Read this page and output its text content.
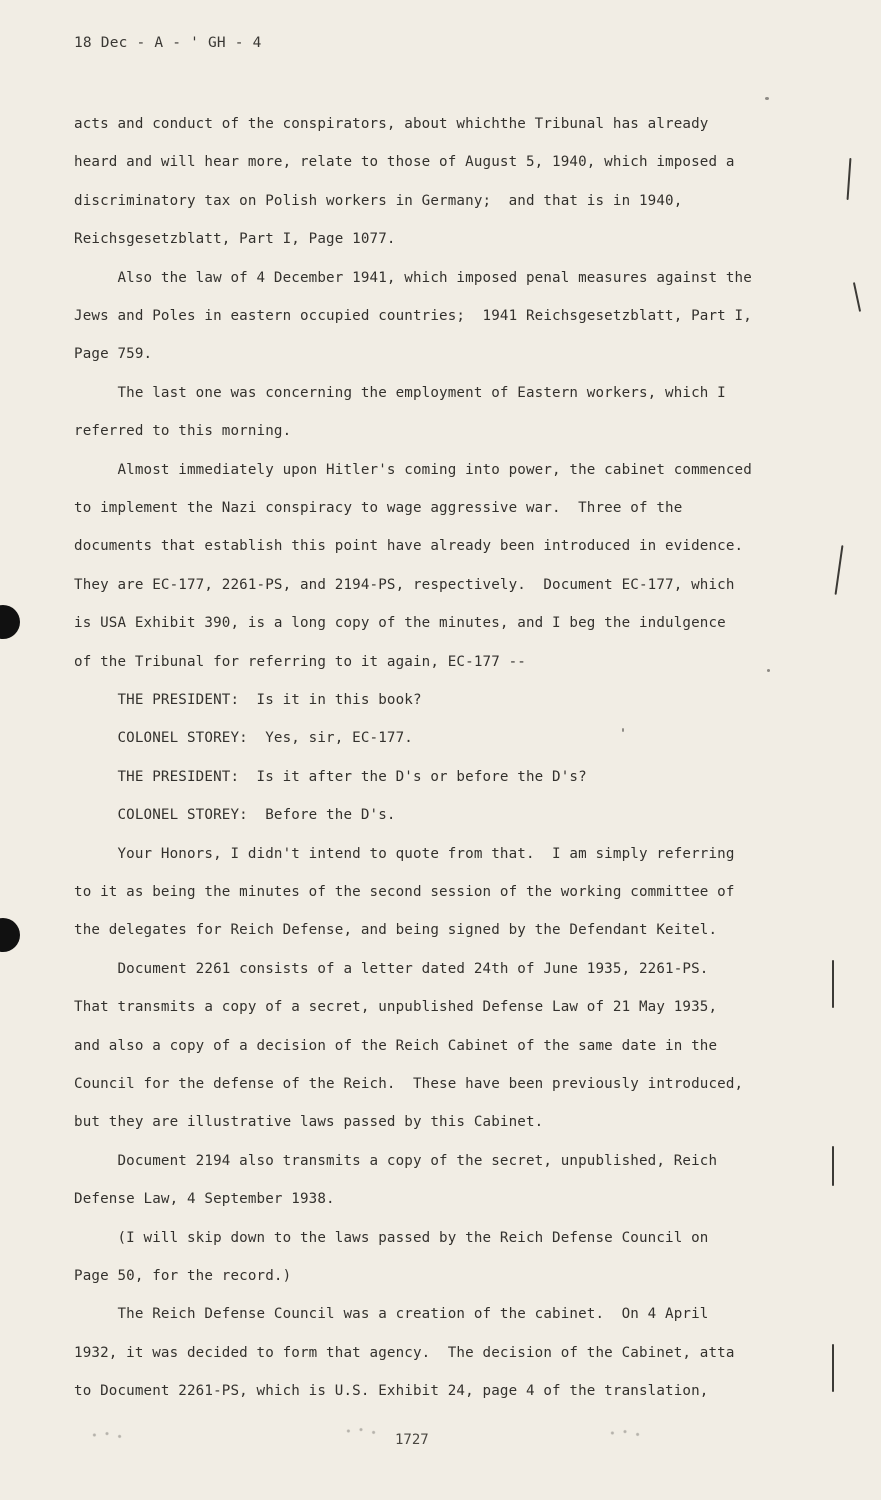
18 Dec - A - ' GH - 4
acts and conduct of the conspirators, about whichthe Tribunal has already
heard and will hear more, relate to those of August 5, 1940, which imposed a
discriminatory tax on Polish workers in Germany;  and that is in 1940,
Reichsgesetzblatt, Part I, Page 1077.
Also the law of 4 December 1941, which imposed penal measures against the
Jews and Poles in eastern occupied countries;  1941 Reichsgesetzblatt, Part I,
Page 759.
The last one was concerning the employment of Eastern workers, which I
referred to this morning.
Almost immediately upon Hitler's coming into power, the cabinet commenced
to implement the Nazi conspiracy to wage aggressive war.  Three of the
documents that establish this point have already been introduced in evidence.
They are EC-177, 2261-PS, and 2194-PS, respectively.  Document EC-177, which
is USA Exhibit 390, is a long copy of the minutes, and I beg the indulgence
of the Tribunal for referring to it again, EC-177 --
THE PRESIDENT:  Is it in this book?
COLONEL STOREY:  Yes, sir, EC-177.
THE PRESIDENT:  Is it after the D's or before the D's?
COLONEL STOREY:  Before the D's.
Your Honors, I didn't intend to quote from that.  I am simply referring
to it as being the minutes of the second session of the working committee of
the delegates for Reich Defense, and being signed by the Defendant Keitel.
Document 2261 consists of a letter dated 24th of June 1935, 2261-PS.
That transmits a copy of a secret, unpublished Defense Law of 21 May 1935,
and also a copy of a decision of the Reich Cabinet of the same date in the
Council for the defense of the Reich.  These have been previously introduced,
but they are illustrative laws passed by this Cabinet.
Document 2194 also transmits a copy of the secret, unpublished, Reich
Defense Law, 4 September 1938.
(I will skip down to the laws passed by the Reich Defense Council on
Page 50, for the record.)
The Reich Defense Council was a creation of the cabinet.  On 4 April
1932, it was decided to form that agency.  The decision of the Cabinet, atta
to Document 2261-PS, which is U.S. Exhibit 24, page 4 of the translation,
1727
